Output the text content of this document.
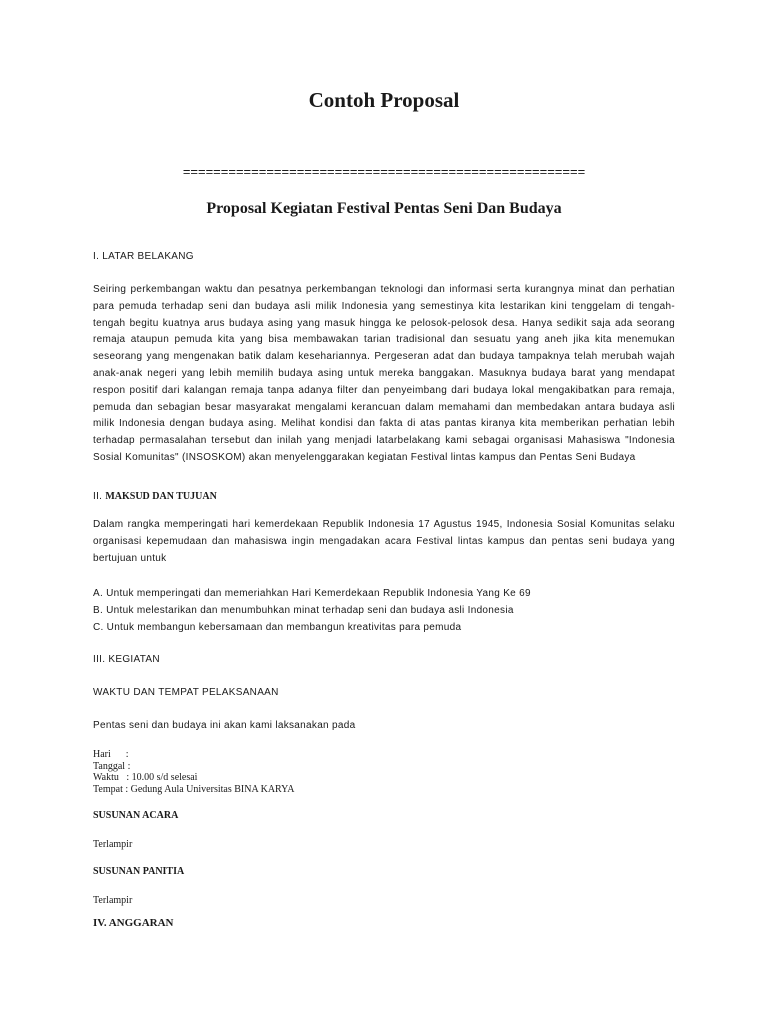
Contoh Proposal
=====================================================
Proposal Kegiatan Festival Pentas Seni Dan Budaya

I. LATAR BELAKANG

Seiring perkembangan waktu dan pesatnya perkembangan teknologi dan informasi serta kurangnya minat dan perhatian para pemuda terhadap seni dan budaya asli milik Indonesia yang semestinya kita lestarikan kini tenggelam di tengah-tengah begitu kuatnya arus budaya asing yang masuk hingga ke pelosok-pelosok desa. Hanya sedikit saja ada seorang remaja ataupun pemuda kita yang bisa membawakan tarian tradisional dan sesuatu yang aneh jika kita menemukan seseorang yang mengenakan batik dalam kesehariannya. Pergeseran adat dan budaya tampaknya telah merubah wajah anak-anak negeri yang lebih memilih budaya asing untuk mereka banggakan. Masuknya budaya barat yang mendapat respon positif dari kalangan remaja tanpa adanya filter dan penyeimbang dari budaya lokal mengakibatkan para remaja, pemuda dan sebagian besar masyarakat mengalami kerancuan dalam memahami dan membedakan antara budaya asli milik Indonesia dengan budaya asing. Melihat kondisi dan fakta di atas pantas kiranya kita memberikan perhatian lebih terhadap permasalahan tersebut dan inilah yang menjadi latarbelakang kami sebagai organisasi Mahasiswa "Indonesia Sosial Komunitas" (INSOSKOM) akan menyelenggarakan kegiatan Festival lintas kampus dan Pentas Seni Budaya

II. MAKSUD DAN TUJUAN

Dalam rangka memperingati hari kemerdekaan Republik Indonesia 17 Agustus 1945, Indonesia Sosial Komunitas selaku organisasi kepemudaan dan mahasiswa ingin mengadakan acara Festival lintas kampus dan pentas seni budaya yang bertujuan untuk

A. Untuk memperingati dan memeriahkan Hari Kemerdekaan Republik Indonesia Yang Ke 69

B. Untuk melestarikan dan menumbuhkan minat terhadap seni dan budaya asli Indonesia

C. Untuk membangun kebersamaan dan membangun kreativitas para pemuda

III. KEGIATAN

WAKTU DAN TEMPAT PELAKSANAAN

Pentas seni dan budaya ini akan kami laksanakan pada

Hari      :

Tanggal :

Waktu   : 10.00 s/d selesai

Tempat : Gedung Aula Universitas BINA KARYA

SUSUNAN ACARA

Terlampir

SUSUNAN PANITIA

Terlampir

IV. ANGGARAN
